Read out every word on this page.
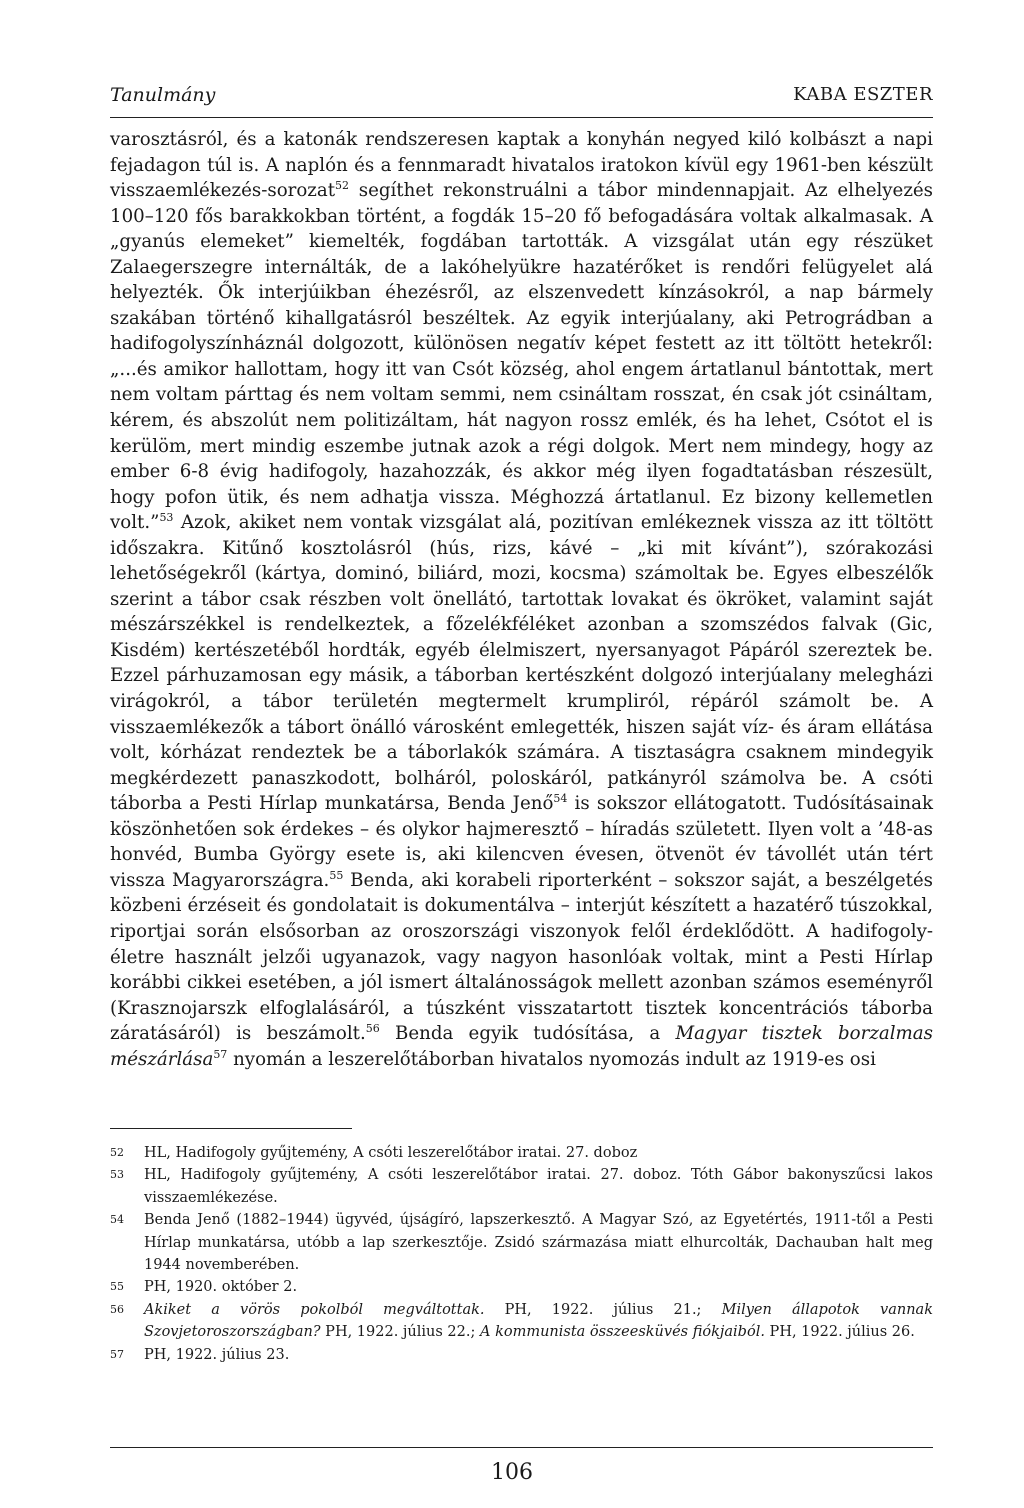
Tanulmány	KABA ESZTER

varosztásról, és a katonák rendszeresen kaptak a konyhán negyed kiló kolbászt a napi fejadagon túl is. A naplón és a fennmaradt hivatalos iratokon kívül egy 1961-ben készült visszaemlékezés-sorozat$^{52}$ segíthet rekonstruálni a tábor mindennapjait. Az elhelyezés 100–120 fős barakkokban történt, a fogdák 15–20 fő befogadására voltak alkalmasak. A „gyanús elemeket” kiemelték, fogdában tartották. A vizsgálat után egy részüket Zalaegerszegre internálták, de a lakóhelyükre hazatérőket is rendőri felügyelet alá helyezték. Ők interjúikban éhezésről, az elszenvedett kínzásokról, a nap bármely szakában történő kihallgatásról beszéltek. Az egyik interjúalany, aki Petrográdban a hadifogolyszínháznál dolgozott, különösen negatív képet festett az itt töltött hetekről: „...és amikor hallottam, hogy itt van Csót község, ahol engem ártatlanul bántottak, mert nem voltam párttag és nem voltam semmi, nem csináltam rosszat, én csak jót csináltam, kérem, és abszolút nem politizáltam, hát nagyon rossz emlék, és ha lehet, Csótot el is kerülöm, mert mindig eszembe jutnak azok a régi dolgok. Mert nem mindegy, hogy az ember 6-8 évig hadifogoly, hazahozzák, és akkor még ilyen fogadtatásban részesült, hogy pofon ütik, és nem adhatja vissza. Méghozzá ártatlanul. Ez bizony kellemetlen volt.”$^{53}$ Azok, akiket nem vontak vizsgálat alá, pozitívan emlékeznek vissza az itt töltött időszakra. Kitűnő kosztolásról (hús, rizs, kávé – „ki mit kívánt”), szórakozási lehetőségekről (kártya, dominó, biliárd, mozi, kocsma) számoltak be. Egyes elbeszélők szerint a tábor csak részben volt önellátó, tartottak lovakat és ökröket, valamint saját mészárszékkel is rendelkeztek, a főzelékféléket azonban a szomszédos falvak (Gic, Kisdém) kertészetéből hordták, egyéb élelmiszert, nyersanyagot Pápáról szereztek be. Ezzel párhuzamosan egy másik, a táborban kertészként dolgozó interjúalany melegházi virágokról, a tábor területén megtermelt krumpliról, répáról számolt be. A visszaemlékezők a tábort önálló városként emlegették, hiszen saját víz- és áram ellátása volt, kórházat rendeztek be a táborlakók számára. A tisztaságra csaknem mindegyik megkérdezett panaszkodott, bolháról, poloskáról, patkányról számolva be. A csóti táborba a Pesti Hírlap munkatársa, Benda Jenő$^{54}$ is sokszor ellátogatott. Tudósításainak köszönhetően sok érdekes – és olykor hajmeresztő – híradás született. Ilyen volt a ’48-as honvéd, Bumba György esete is, aki kilencven évesen, ötvenöt év távollét után tért vissza Magyarországra.$^{55}$ Benda, aki korabeli riporterként – sokszor saját, a beszélgetés közbeni érzéseit és gondolatait is dokumentálva – interjút készített a hazatérő túszokkal, riportjai során elsősorban az oroszországi viszonyok felől érdeklődött. A hadifogoly-életre használt jelzői ugyanazok, vagy nagyon hasonlóak voltak, mint a Pesti Hírlap korábbi cikkei esetében, a jól ismert általánosságok mellett azonban számos eseményről (Krasznojarszk elfoglalásáról, a túszként visszatartott tisztek koncentrációs táborba záratásáról) is beszámolt.$^{56}$ Benda egyik tudósítása, a Magyar tisztek borzalmas mészárlása$^{57}$ nyomán a leszerelőtáborban hivatalos nyomozás indult az 1919-es osi

52 HL, Hadifogoly gyűjtemény, A csóti leszerelőtábor iratai. 27. doboz
53 HL, Hadifogoly gyűjtemény, A csóti leszerelőtábor iratai. 27. doboz. Tóth Gábor bakonyszűcsi lakos visszaemlékezése.
54 Benda Jenő (1882–1944) ügyvéd, újságíró, lapszerkesztő. A Magyar Szó, az Egyetértés, 1911-től a Pesti Hírlap munkatársa, utóbb a lap szerkesztője. Zsidó származása miatt elhurcolták, Dachauban halt meg 1944 novemberében.
55 PH, 1920. október 2.
56 Akiket a vörös pokolból megváltottak. PH, 1922. július 21.; Milyen állapotok vannak Szovjetoroszországban? PH, 1922. július 22.; A kommunista összeesküvés fiókjaiból. PH, 1922. július 26.
57 PH, 1922. július 23.
106
